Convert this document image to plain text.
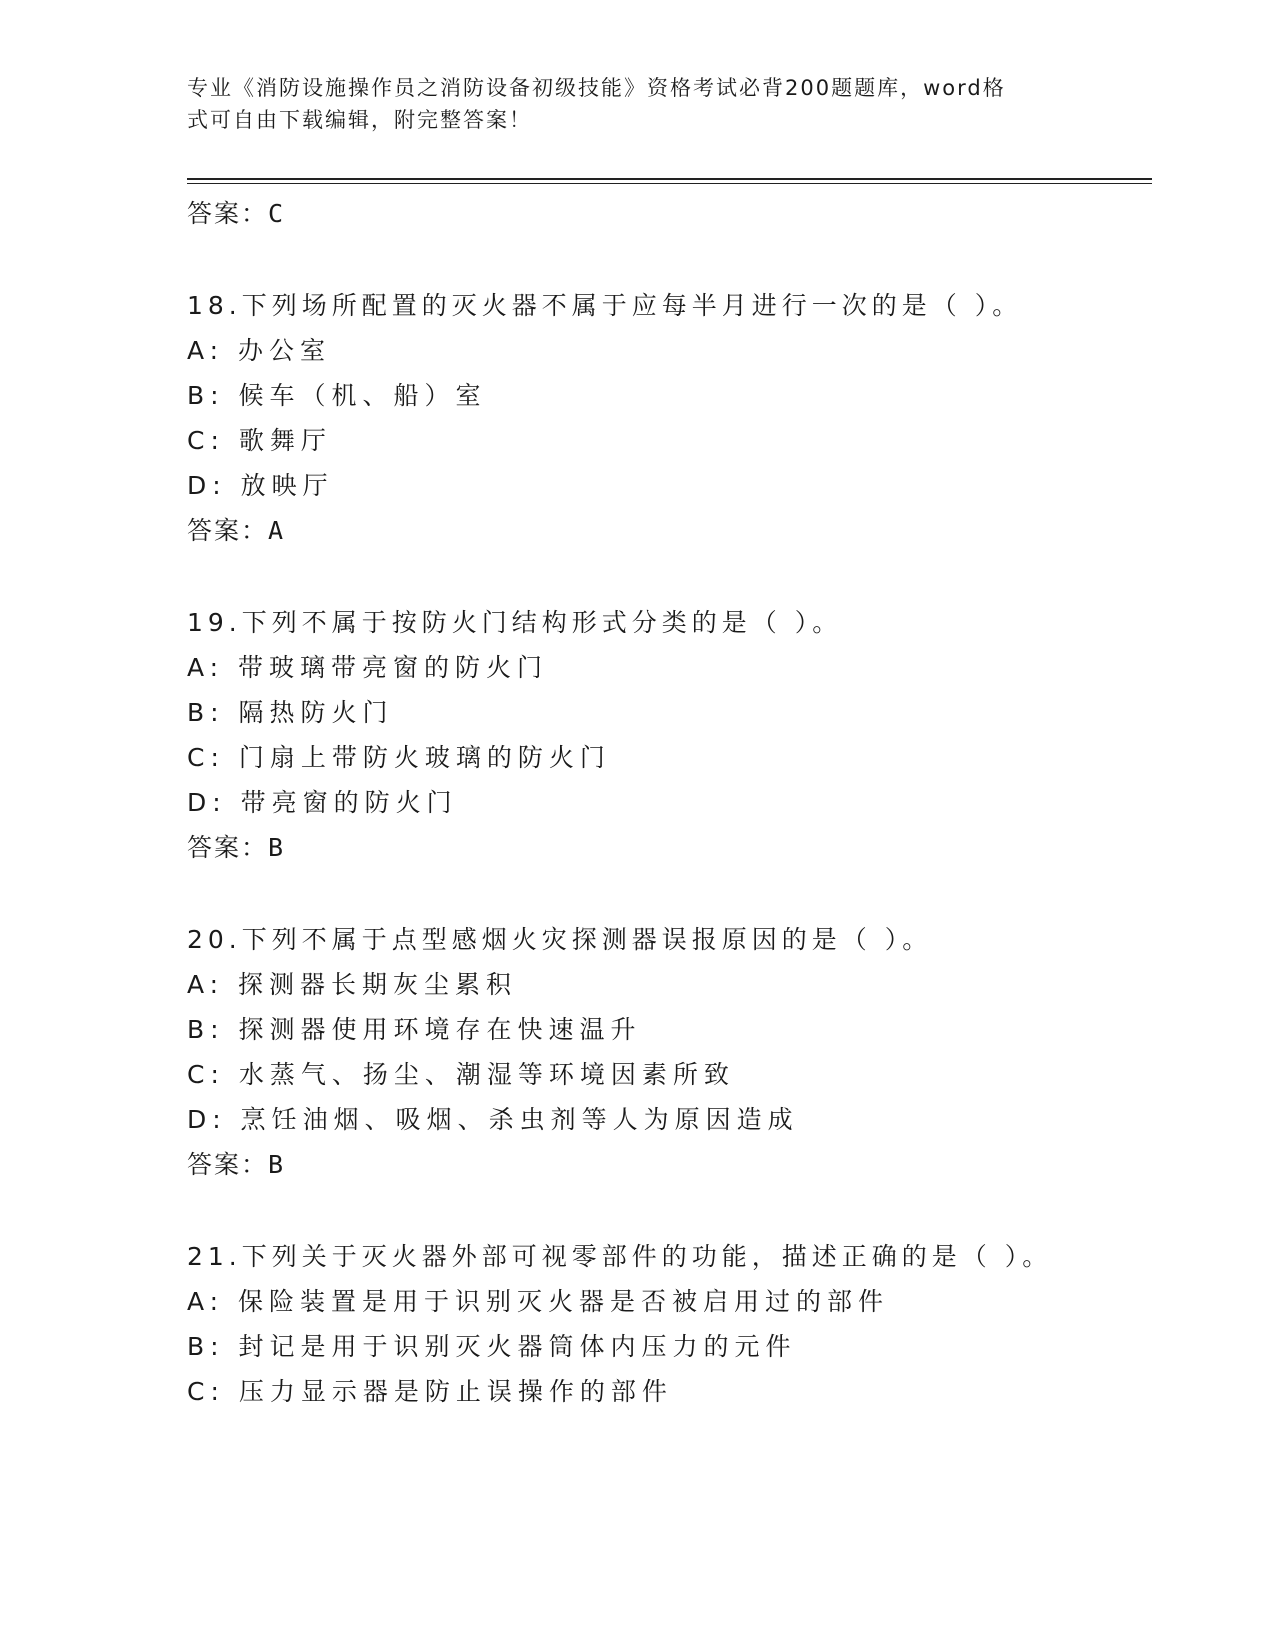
专业《消防设施操作员之消防设备初级技能》资格考试必背200题题库，word格
式可自由下载编辑，附完整答案！
答案：C
18.下列场所配置的灭火器不属于应每半月进行一次的是（ ）。
A: 办公室
B: 候车（机、船）室
C: 歌舞厅
D: 放映厅
答案：A
19.下列不属于按防火门结构形式分类的是（ ）。
A: 带玻璃带亮窗的防火门
B: 隔热防火门
C: 门扇上带防火玻璃的防火门
D: 带亮窗的防火门
答案：B
20.下列不属于点型感烟火灾探测器误报原因的是（ ）。
A: 探测器长期灰尘累积
B: 探测器使用环境存在快速温升
C: 水蒸气、扬尘、潮湿等环境因素所致
D: 烹饪油烟、吸烟、杀虫剂等人为原因造成
答案：B
21.下列关于灭火器外部可视零部件的功能，描述正确的是（ ）。
A: 保险装置是用于识别灭火器是否被启用过的部件
B: 封记是用于识别灭火器筒体内压力的元件
C: 压力显示器是防止误操作的部件
